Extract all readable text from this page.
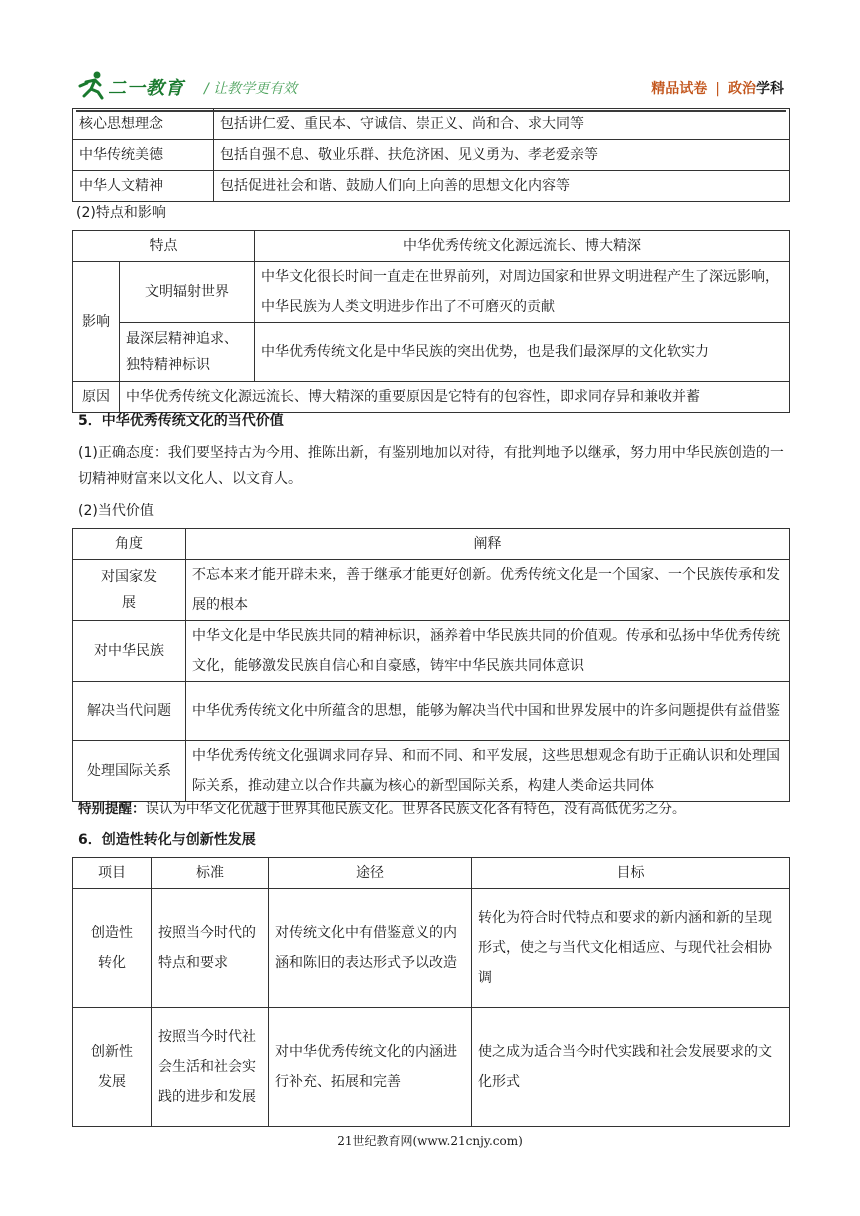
二一教育 / 让教学更有效	精品试卷 | 政治学科
核心思想理念	包括讲仁爱、重民本、守诚信、崇正义、尚和合、求大同等
中华传统美德	包括自强不息、敬业乐群、扶危济困、见义勇为、孝老爱亲等
中华人文精神	包括促进社会和谐、鼓励人们向上向善的思想文化内容等
(2)特点和影响
特点		中华优秀传统文化源远流长、博大精深
影响	文明辐射世界	中华文化很长时间一直走在世界前列，对周边国家和世界文明进程产生了深远影响，中华民族为人类文明进步作出了不可磨灭的贡献
	最深层精神追求、独特精神标识	中华优秀传统文化是中华民族的突出优势，也是我们最深厚的文化软实力
原因	中华优秀传统文化源远流长、博大精深的重要原因是它特有的包容性，即求同存异和兼收并蓄	
5．中华优秀传统文化的当代价值
(1)正确态度：我们要坚持古为今用、推陈出新，有鉴别地加以对待，有批判地予以继承，努力用中华民族创造的一切精神财富来以文化人、以文育人。
(2)当代价值
角度	阐释
对国家发展	不忘本来才能开辟未来，善于继承才能更好创新。优秀传统文化是一个国家、一个民族传承和发展的根本
对中华民族	中华文化是中华民族共同的精神标识，涵养着中华民族共同的价值观。传承和弘扬中华优秀传统文化，能够激发民族自信心和自豪感，铸牢中华民族共同体意识
解决当代问题	中华优秀传统文化中所蕴含的思想，能够为解决当代中国和世界发展中的许多问题提供有益借鉴
处理国际关系	中华优秀传统文化强调求同存异、和而不同、和平发展，这些思想观念有助于正确认识和处理国际关系，推动建立以合作共赢为核心的新型国际关系，构建人类命运共同体
特别提醒：误认为中华文化优越于世界其他民族文化。世界各民族文化各有特色，没有高低优劣之分。
6．创造性转化与创新性发展
项目	标准	途径	目标
创造性转化	按照当今时代的特点和要求	对传统文化中有借鉴意义的内涵和陈旧的表达形式予以改造	转化为符合时代特点和要求的新内涵和新的呈现形式，使之与当代文化相适应、与现代社会相协调
创新性发展	按照当今时代社会生活和社会实践的进步和发展	对中华优秀传统文化的内涵进行补充、拓展和完善	使之成为适合当今时代实践和社会发展要求的文化形式
21世纪教育网(www.21cnjy.com)
